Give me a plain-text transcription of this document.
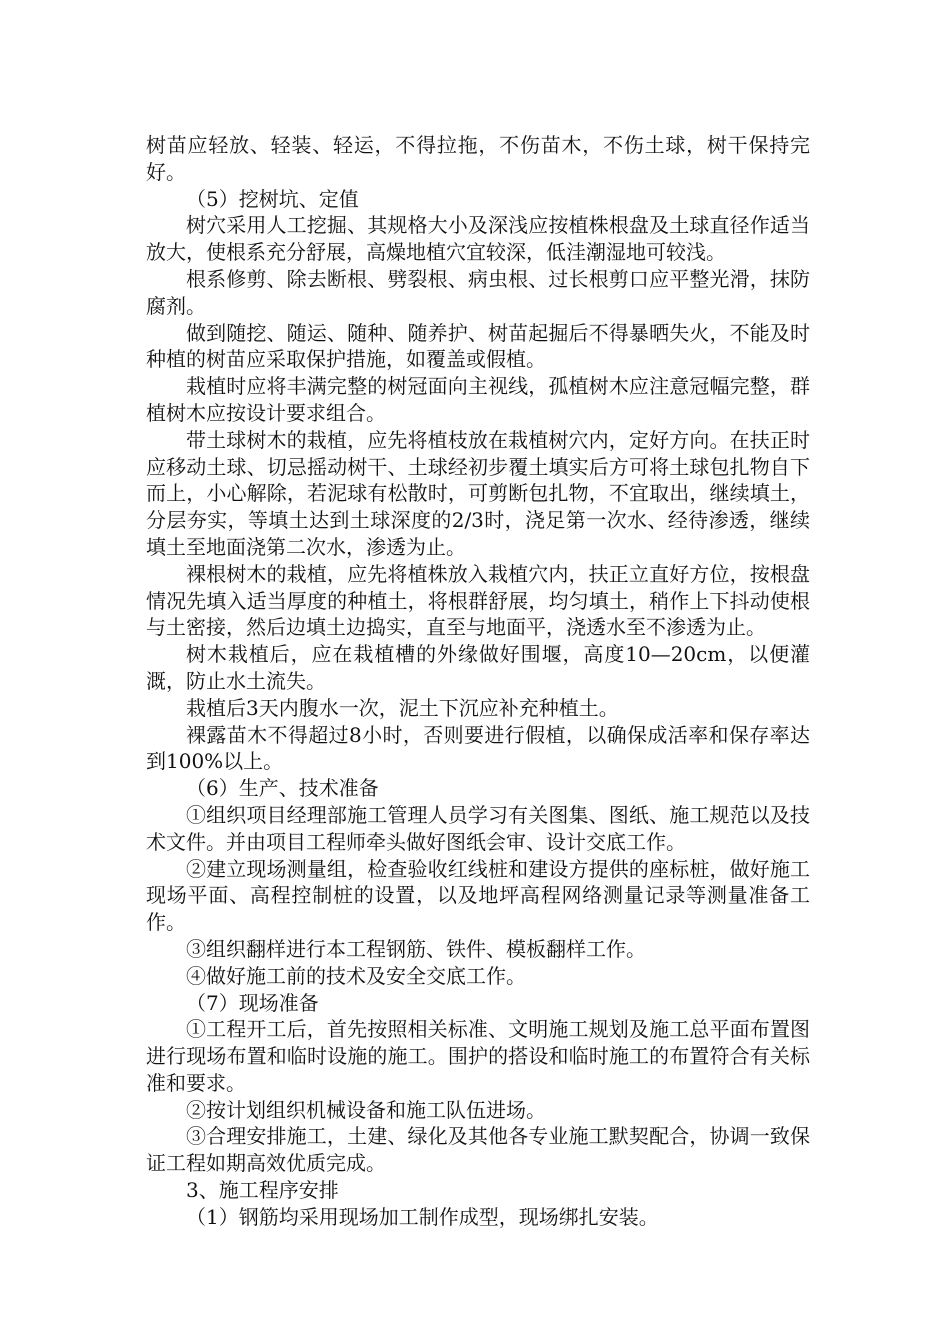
树苗应轻放、轻装、轻运，不得拉拖，不伤苗木，不伤土球，树干保持完好。

（5）挖树坑、定值

树穴采用人工挖掘、其规格大小及深浅应按植株根盘及土球直径作适当放大，使根系充分舒展，高燥地植穴宜较深，低洼潮湿地可较浅。

根系修剪、除去断根、劈裂根、病虫根、过长根剪口应平整光滑，抹防腐剂。

做到随挖、随运、随种、随养护、树苗起掘后不得暴晒失火，不能及时种植的树苗应采取保护措施，如覆盖或假植。

栽植时应将丰满完整的树冠面向主视线，孤植树木应注意冠幅完整，群植树木应按设计要求组合。

带土球树木的栽植，应先将植枝放在栽植树穴内，定好方向。在扶正时应移动土球、切忌摇动树干、土球经初步覆土填实后方可将土球包扎物自下而上，小心解除，若泥球有松散时，可剪断包扎物，不宜取出，继续填土，分层夯实，等填土达到土球深度的2/3时，浇足第一次水、经待渗透，继续填土至地面浇第二次水，渗透为止。

裸根树木的栽植，应先将植株放入栽植穴内，扶正立直好方位，按根盘情况先填入适当厚度的种植土，将根群舒展，均匀填土，稍作上下抖动使根与土密接，然后边填土边捣实，直至与地面平，浇透水至不渗透为止。

树木栽植后，应在栽植槽的外缘做好围堰，高度10—20cm，以便灌溉，防止水土流失。

栽植后3天内腹水一次，泥土下沉应补充种植土。

裸露苗木不得超过8小时，否则要进行假植，以确保成活率和保存率达到100%以上。

（6）生产、技术准备

①组织项目经理部施工管理人员学习有关图集、图纸、施工规范以及技术文件。并由项目工程师牵头做好图纸会审、设计交底工作。

②建立现场测量组，检查验收红线桩和建设方提供的座标桩，做好施工现场平面、高程控制桩的设置，以及地坪高程网络测量记录等测量准备工作。

③组织翻样进行本工程钢筋、铁件、模板翻样工作。

④做好施工前的技术及安全交底工作。

（7）现场准备

①工程开工后，首先按照相关标准、文明施工规划及施工总平面布置图进行现场布置和临时设施的施工。围护的搭设和临时施工的布置符合有关标准和要求。

②按计划组织机械设备和施工队伍进场。

③合理安排施工，土建、绿化及其他各专业施工默契配合，协调一致保证工程如期高效优质完成。

3、施工程序安排

（1）钢筋均采用现场加工制作成型，现场绑扎安装。
